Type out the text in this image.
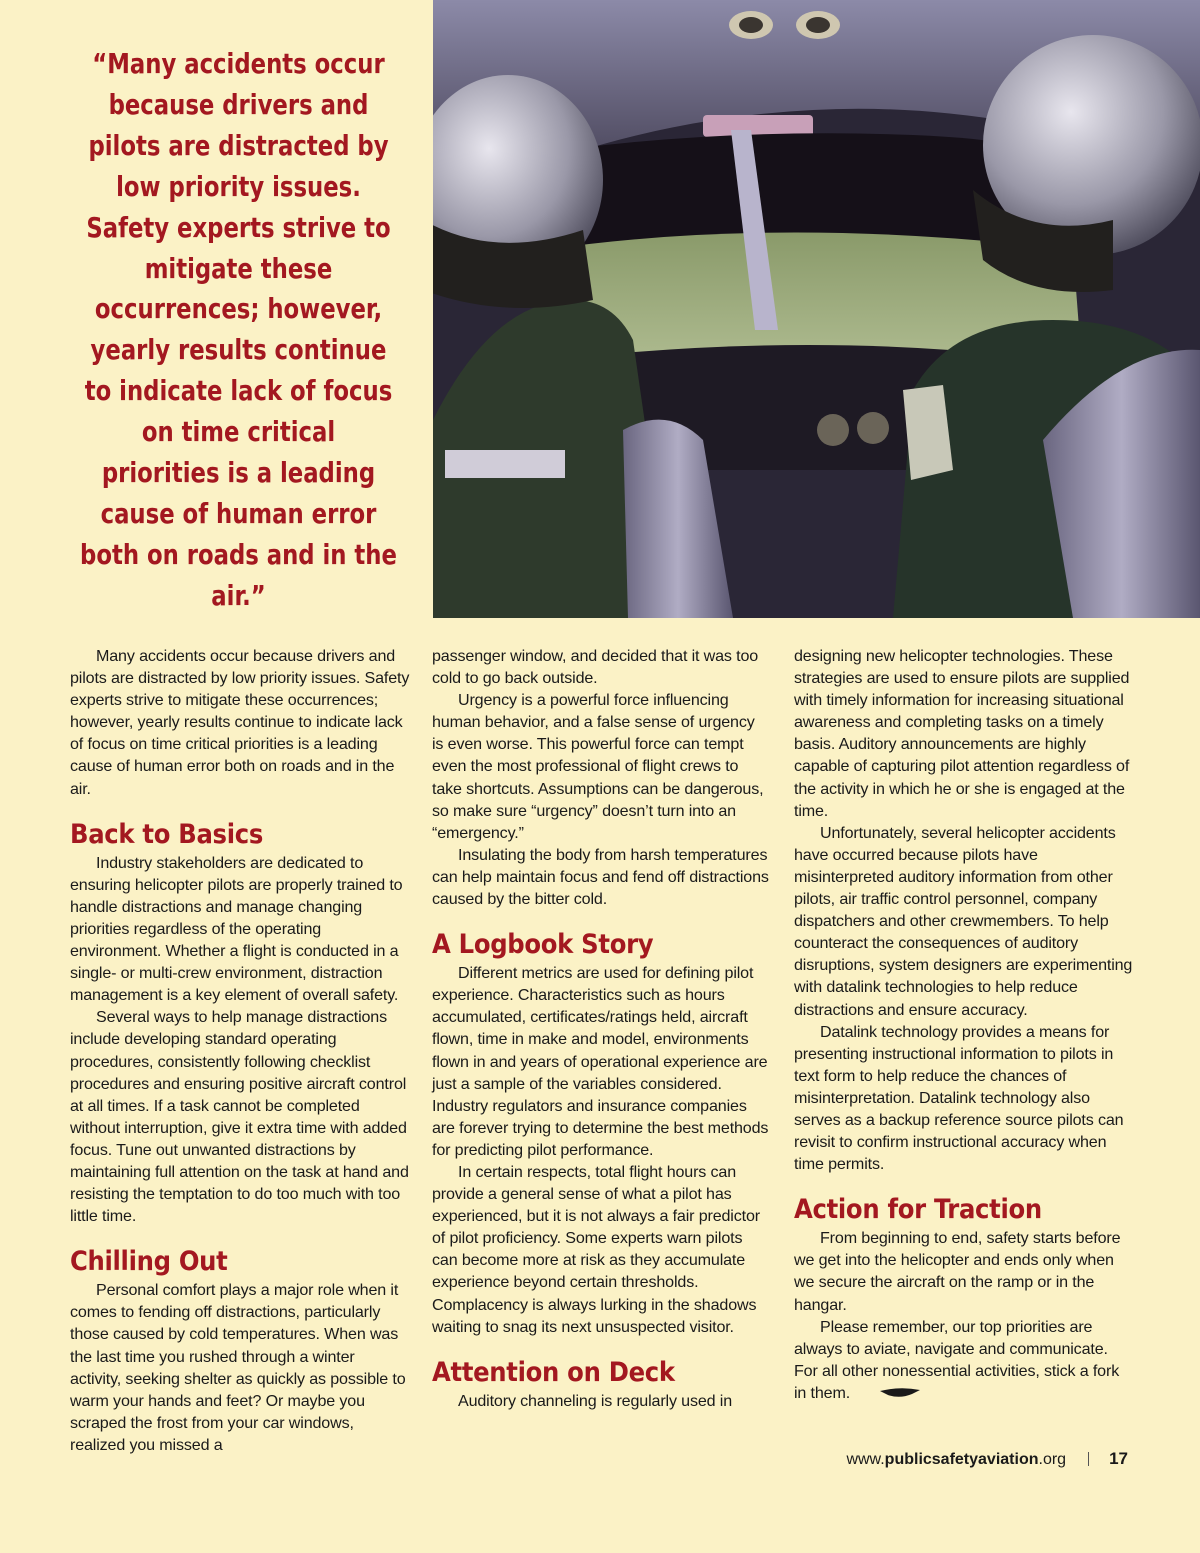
“Many accidents occur because drivers and pilots are distracted by low priority issues. Safety experts strive to mitigate these occurrences; however, yearly results continue to indicate lack of focus on time critical priorities is a leading cause of human error both on roads and in the air.”

Many accidents occur because drivers and pilots are distracted by low priority issues. Safety experts strive to mitigate these occurrences; however, yearly results continue to indicate lack of focus on time critical priorities is a leading cause of human error both on roads and in the air.

Back to Basics

Industry stakeholders are dedicated to ensuring helicopter pilots are properly trained to handle distractions and manage changing priorities regardless of the operating environment. Whether a flight is conducted in a single- or multi-crew environment, distraction management is a key element of overall safety.

Several ways to help manage distractions include developing standard operating procedures, consistently following checklist procedures and ensuring positive aircraft control at all times. If a task cannot be completed without interruption, give it extra time with added focus. Tune out unwanted distractions by maintaining full attention on the task at hand and resisting the temptation to do too much with too little time.

Chilling Out

Personal comfort plays a major role when it comes to fending off distractions, particularly those caused by cold temperatures. When was the last time you rushed through a winter activity, seeking shelter as quickly as possible to warm your hands and feet? Or maybe you scraped the frost from your car windows, realized you missed a

passenger window, and decided that it was too cold to go back outside.

Urgency is a powerful force influencing human behavior, and a false sense of urgency is even worse. This powerful force can tempt even the most professional of flight crews to take shortcuts. Assumptions can be dangerous, so make sure “urgency” doesn’t turn into an “emergency.”

Insulating the body from harsh temperatures can help maintain focus and fend off distractions caused by the bitter cold.

A Logbook Story

Different metrics are used for defining pilot experience. Characteristics such as hours accumulated, certificates/ratings held, aircraft flown, time in make and model, environments flown in and years of operational experience are just a sample of the variables considered. Industry regulators and insurance companies are forever trying to determine the best methods for predicting pilot performance.

In certain respects, total flight hours can provide a general sense of what a pilot has experienced, but it is not always a fair predictor of pilot proficiency. Some experts warn pilots can become more at risk as they accumulate experience beyond certain thresholds. Complacency is always lurking in the shadows waiting to snag its next unsuspected visitor.

Attention on Deck

Auditory channeling is regularly used in

designing new helicopter technologies. These strategies are used to ensure pilots are supplied with timely information for increasing situational awareness and completing tasks on a timely basis. Auditory announcements are highly capable of capturing pilot attention regardless of the activity in which he or she is engaged at the time.

Unfortunately, several helicopter accidents have occurred because pilots have misinterpreted auditory information from other pilots, air traffic control personnel, company dispatchers and other crewmembers. To help counteract the consequences of auditory disruptions, system designers are experimenting with datalink technologies to help reduce distractions and ensure accuracy.

Datalink technology provides a means for presenting instructional information to pilots in text form to help reduce the chances of misinterpretation. Datalink technology also serves as a backup reference source pilots can revisit to confirm instructional accuracy when time permits.

Action for Traction

From beginning to end, safety starts before we get into the helicopter and ends only when we secure the aircraft on the ramp or in the hangar.

Please remember, our top priorities are always to aviate, navigate and communicate. For all other nonessential activities, stick a fork in them.

www.publicsafetyaviation.org	17
